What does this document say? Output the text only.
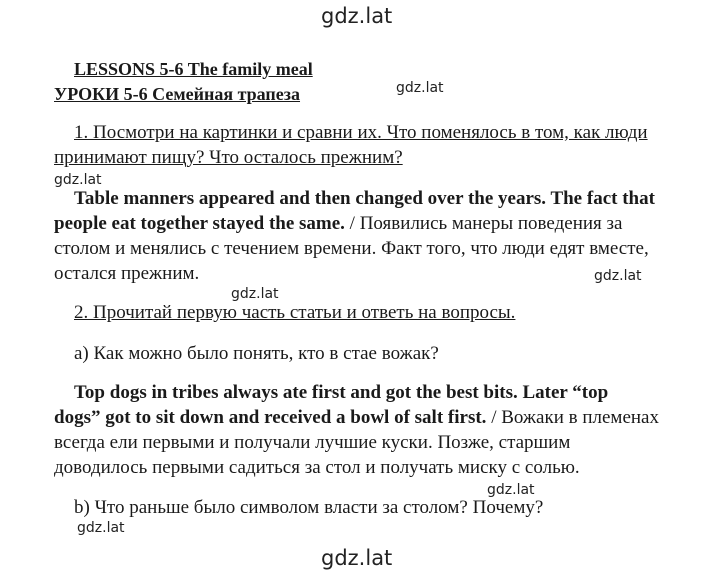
gdz.lat
gdz.lat
gdz.lat
gdz.lat
gdz.lat
gdz.lat
gdz.lat
gdz.lat
LESSONS 5-6 The family meal
УРОКИ 5-6 Семейная трапеза
1. Посмотри на картинки и сравни их. Что поменялось в том, как люди
принимают пищу? Что осталось прежним?
Table manners appeared and then changed over the years. The fact that
people eat together stayed the same. / Появились манеры поведения за
столом и менялись с течением времени. Факт того, что люди едят вместе,
остался прежним.
2. Прочитай первую часть статьи и ответь на вопросы.
a) Как можно было понять, кто в стае вожак?
Top dogs in tribes always ate first and got the best bits. Later “top
dogs” got to sit down and received a bowl of salt first. / Вожаки в племенах
всегда ели первыми и получали лучшие куски. Позже, старшим
доводилось первыми садиться за стол и получать миску с солью.
b) Что раньше было символом власти за столом? Почему?
